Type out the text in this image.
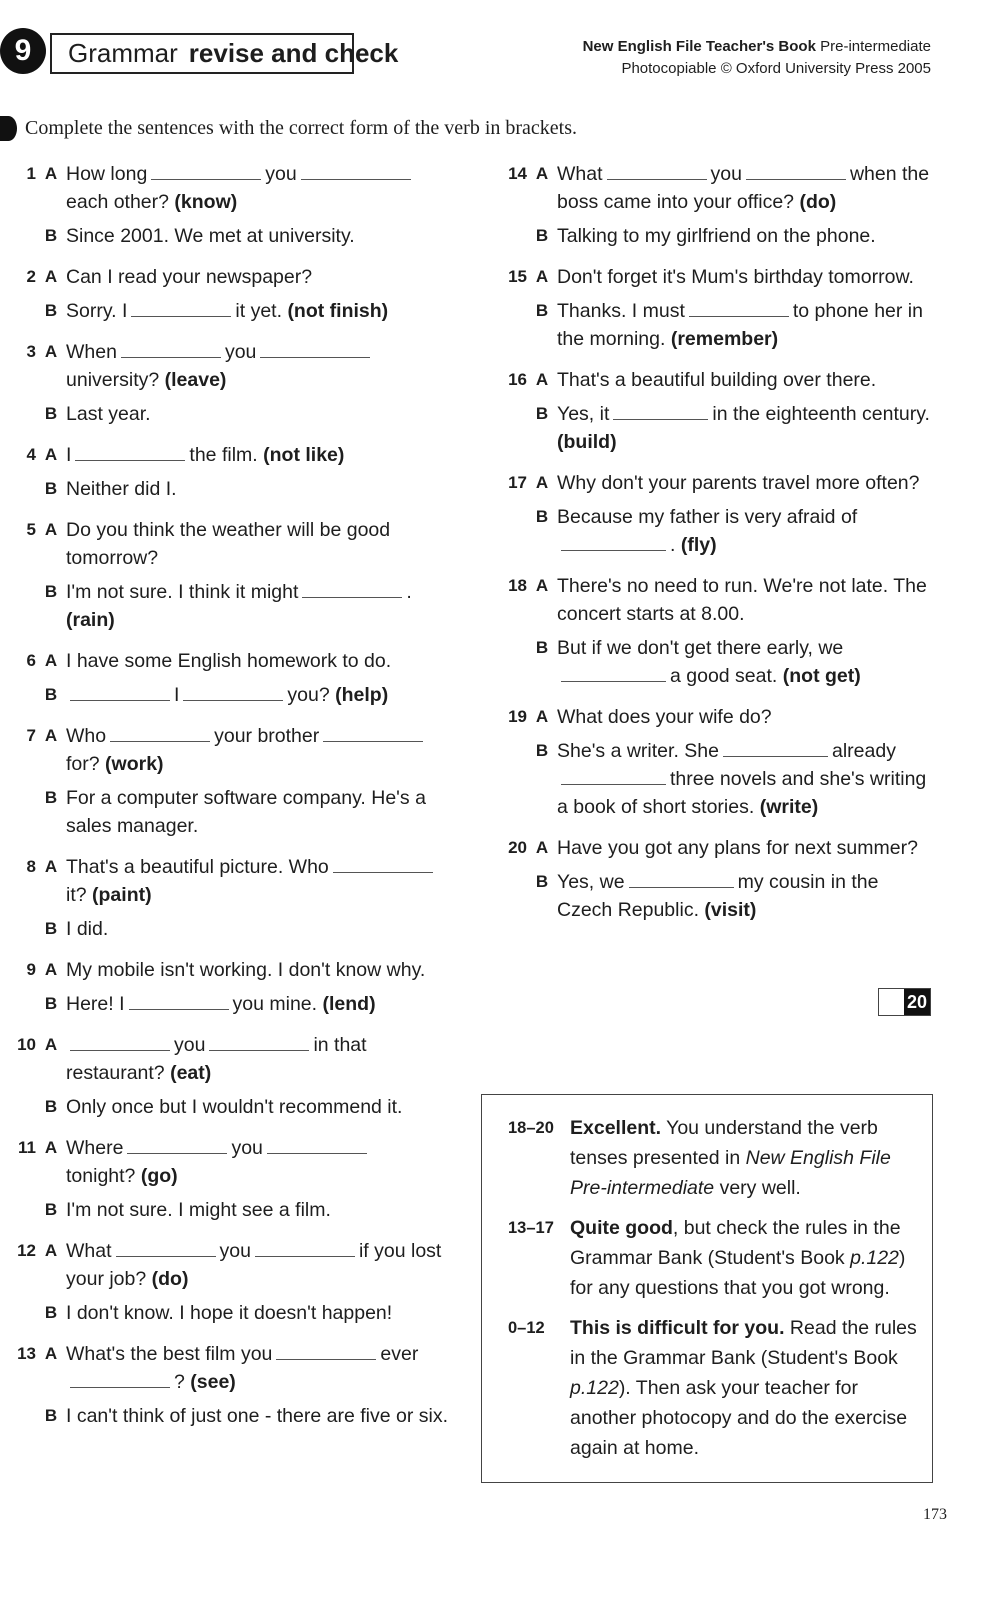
9	Grammar revise and check	New English File Teacher's Book Pre-intermediate
Photocopiable © Oxford University Press 2005
Complete the sentences with the correct form of the verb in brackets.
1 A How long	you
each other? (know)
B Since 2001. We met at university.
2 A Can I read your newspaper?
B Sorry. I	it yet. (not finish)
3 A When	you
university? (leave)
B Last year.
4 A I	the film. (not like)
B Neither did I.
5 A Do you think the weather will be good tomorrow?
B I'm not sure. I think it might	.
(rain)
6 A I have some English homework to do.
B	I	you? (help)
7 A Who	your brother
for? (work)
B For a computer software company. He's a sales manager.
8 A That's a beautiful picture. Who
it? (paint)
B I did.
9 A My mobile isn't working. I don't know why.
B Here! I	you mine. (lend)
10 A	you	in that restaurant? (eat)
B Only once but I wouldn't recommend it.
11 A Where	you
tonight? (go)
B I'm not sure. I might see a film.
12 A What	you	if you lost your job? (do)
B I don't know. I hope it doesn't happen!
13 A What's the best film you	ever
? (see)
B I can't think of just one - there are five or six.
14 A What	you	when the boss came into your office? (do)
B Talking to my girlfriend on the phone.
15 A Don't forget it's Mum's birthday tomorrow.
B Thanks. I must	to phone her in the morning. (remember)
16 A That's a beautiful building over there.
B Yes, it	in the eighteenth century. (build)
17 A Why don't your parents travel more often?
B Because my father is very afraid of
. (fly)
18 A There's no need to run. We're not late. The concert starts at 8.00.
B But if we don't get there early, we
a good seat. (not get)
19 A What does your wife do?
B She's a writer. She	already
three novels and she's writing a book of short stories. (write)
20 A Have you got any plans for next summer?
B Yes, we	my cousin in the Czech Republic. (visit)
20
18–20 Excellent. You understand the verb tenses presented in New English File Pre-intermediate very well.
13–17 Quite good, but check the rules in the Grammar Bank (Student's Book p.122) for any questions that you got wrong.
0–12	This is difficult for you. Read the rules in the Grammar Bank (Student's Book p.122). Then ask your teacher for another photocopy and do the exercise again at home.
173
